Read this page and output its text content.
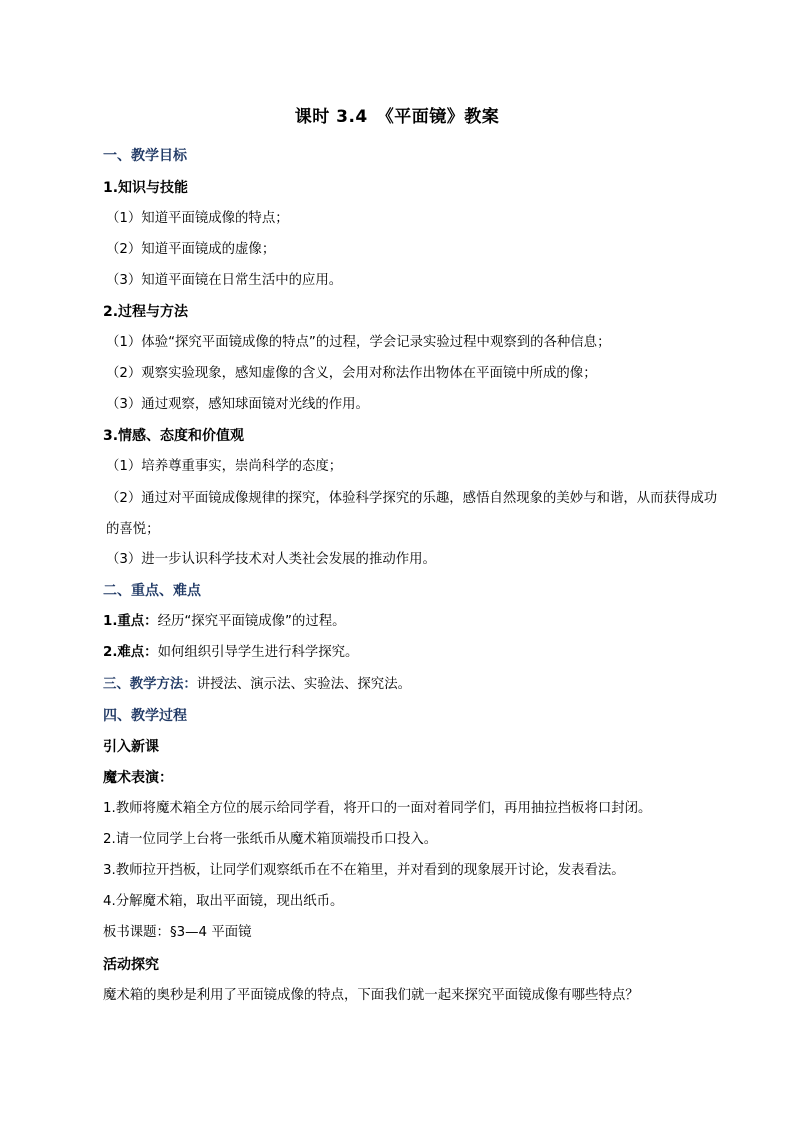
课时 3.4　《平面镜》教案
一、教学目标
1.知识与技能
（1）知道平面镜成像的特点；
（2）知道平面镜成的虚像；
（3）知道平面镜在日常生活中的应用。
2.过程与方法
（1）体验“探究平面镜成像的特点”的过程，学会记录实验过程中观察到的各种信息；
（2）观察实验现象，感知虚像的含义，会用对称法作出物体在平面镜中所成的像；
（3）通过观察，感知球面镜对光线的作用。
3.情感、态度和价值观
（1）培养尊重事实，崇尚科学的态度；
（2）通过对平面镜成像规律的探究，体验科学探究的乐趣，感悟自然现象的美妙与和谐，从而获得成功的喜悦；
（3）进一步认识科学技术对人类社会发展的推动作用。
二、重点、难点
1.重点：经历“探究平面镜成像”的过程。
2.难点：如何组织引导学生进行科学探究。
三、教学方法：讲授法、演示法、实验法、探究法。
四、教学过程
引入新课
魔术表演：
1.教师将魔术箱全方位的展示给同学看，将开口的一面对着同学们，再用抽拉挡板将口封闭。
2.请一位同学上台将一张纸币从魔术箱顶端投币口投入。
3.教师拉开挡板，让同学们观察纸币在不在箱里，并对看到的现象展开讨论，发表看法。
4.分解魔术箱，取出平面镜，现出纸币。
板书课题：§3—4 平面镜
活动探究
魔术箱的奥秒是利用了平面镜成像的特点，下面我们就一起来探究平面镜成像有哪些特点？
